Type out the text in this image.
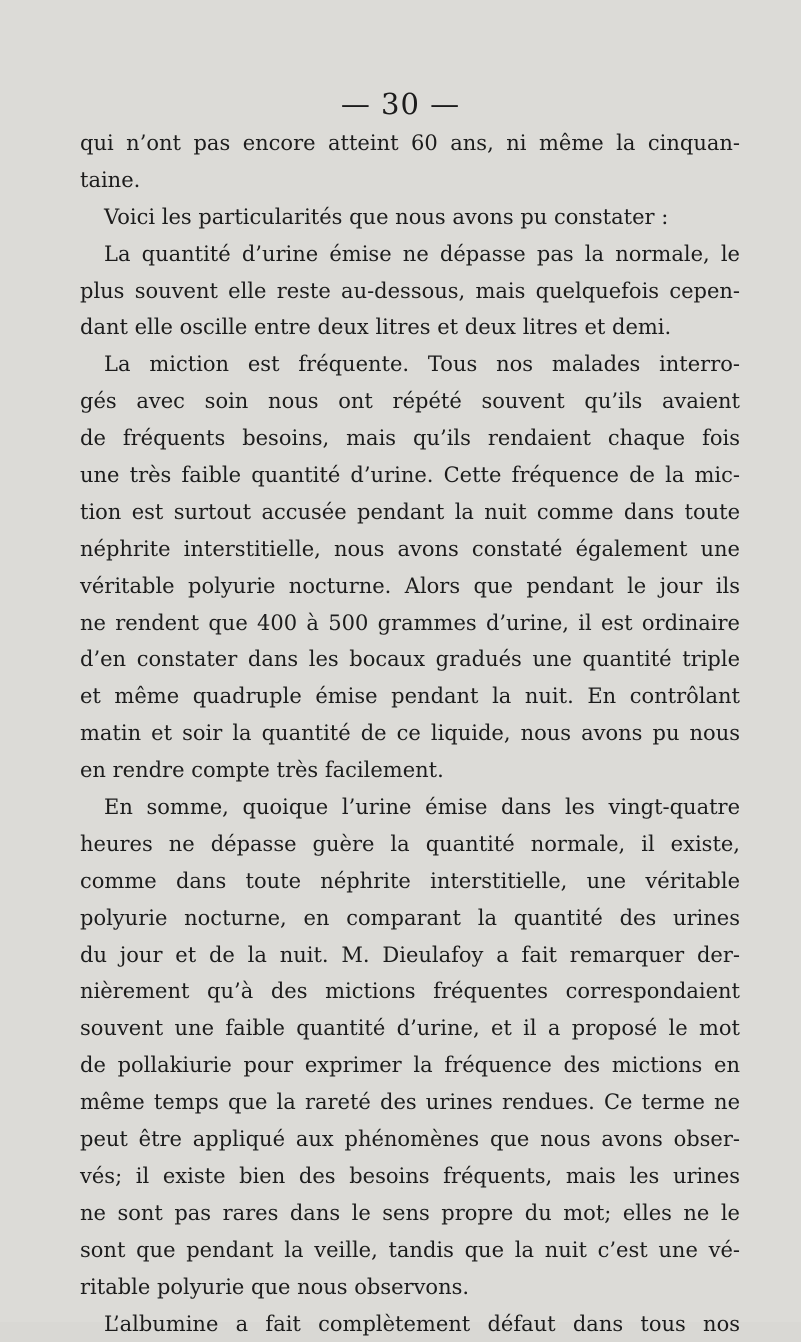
— 30 —
qui n’ont pas encore atteint 60 ans, ni même la cinquan-
taine.
Voici les particularités que nous avons pu constater :
La quantité d’urine émise ne dépasse pas la normale, le
plus souvent elle reste au-dessous, mais quelquefois cepen-
dant elle oscille entre deux litres et deux litres et demi.
La miction est fréquente. Tous nos malades interro-
gés avec soin nous ont répété souvent qu’ils avaient
de fréquents besoins, mais qu’ils rendaient chaque fois
une très faible quantité d’urine. Cette fréquence de la mic-
tion est surtout accusée pendant la nuit comme dans toute
néphrite interstitielle, nous avons constaté également une
véritable polyurie nocturne. Alors que pendant le jour ils
ne rendent que 400 à 500 grammes d’urine, il est ordinaire
d’en constater dans les bocaux gradués une quantité triple
et même quadruple émise pendant la nuit. En contrôlant
matin et soir la quantité de ce liquide, nous avons pu nous
en rendre compte très facilement.
En somme, quoique l’urine émise dans les vingt-quatre
heures ne dépasse guère la quantité normale, il existe,
comme dans toute néphrite interstitielle, une véritable
polyurie nocturne, en comparant la quantité des urines
du jour et de la nuit. M. Dieulafoy a fait remarquer der-
nièrement qu’à des mictions fréquentes correspondaient
souvent une faible quantité d’urine, et il a proposé le mot
de pollakiurie pour exprimer la fréquence des mictions en
même temps que la rareté des urines rendues. Ce terme ne
peut être appliqué aux phénomènes que nous avons obser-
vés; il existe bien des besoins fréquents, mais les urines
ne sont pas rares dans le sens propre du mot; elles ne le
sont que pendant la veille, tandis que la nuit c’est une vé-
ritable polyurie que nous observons.
L’albumine a fait complètement défaut dans tous nos
